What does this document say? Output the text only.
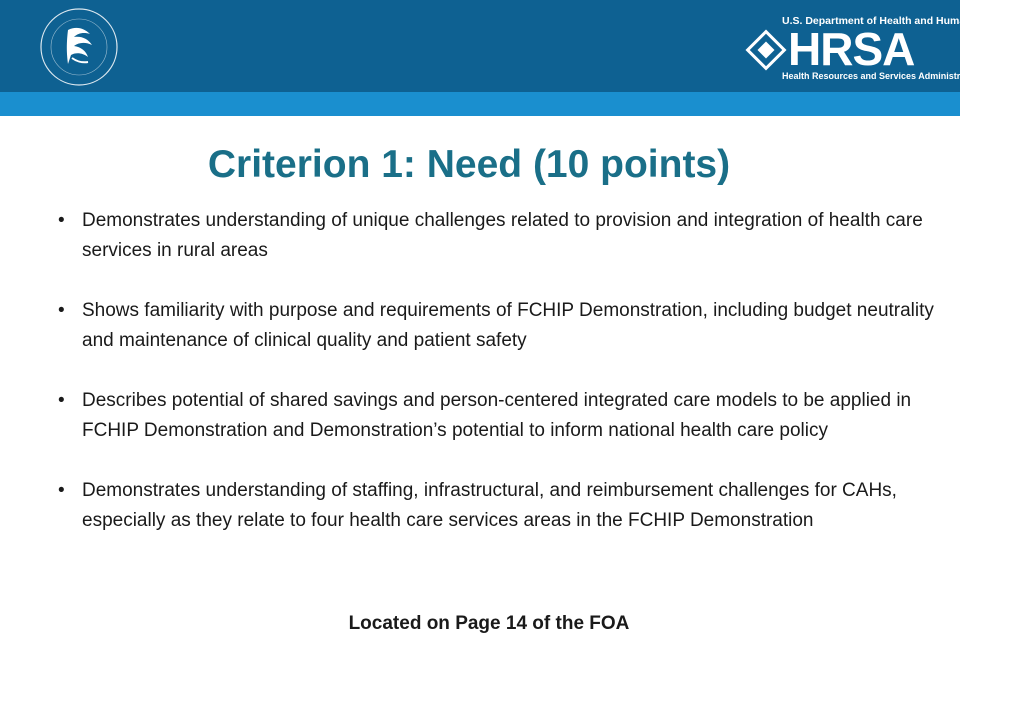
U.S. Department of Health and Human Services
HRSA
Health Resources and Services Administration
Criterion 1: Need (10 points)
• Demonstrates understanding of unique challenges related to provision and integration of health care services in rural areas
• Shows familiarity with purpose and requirements of FCHIP Demonstration, including budget neutrality and maintenance of clinical quality and patient safety
• Describes potential of shared savings and person-centered integrated care models to be applied in FCHIP Demonstration and Demonstration’s potential to inform national health care policy
• Demonstrates understanding of staffing, infrastructural, and reimbursement challenges for CAHs, especially as they relate to four health care services areas in the FCHIP Demonstration
Located on Page 14 of the FOA
